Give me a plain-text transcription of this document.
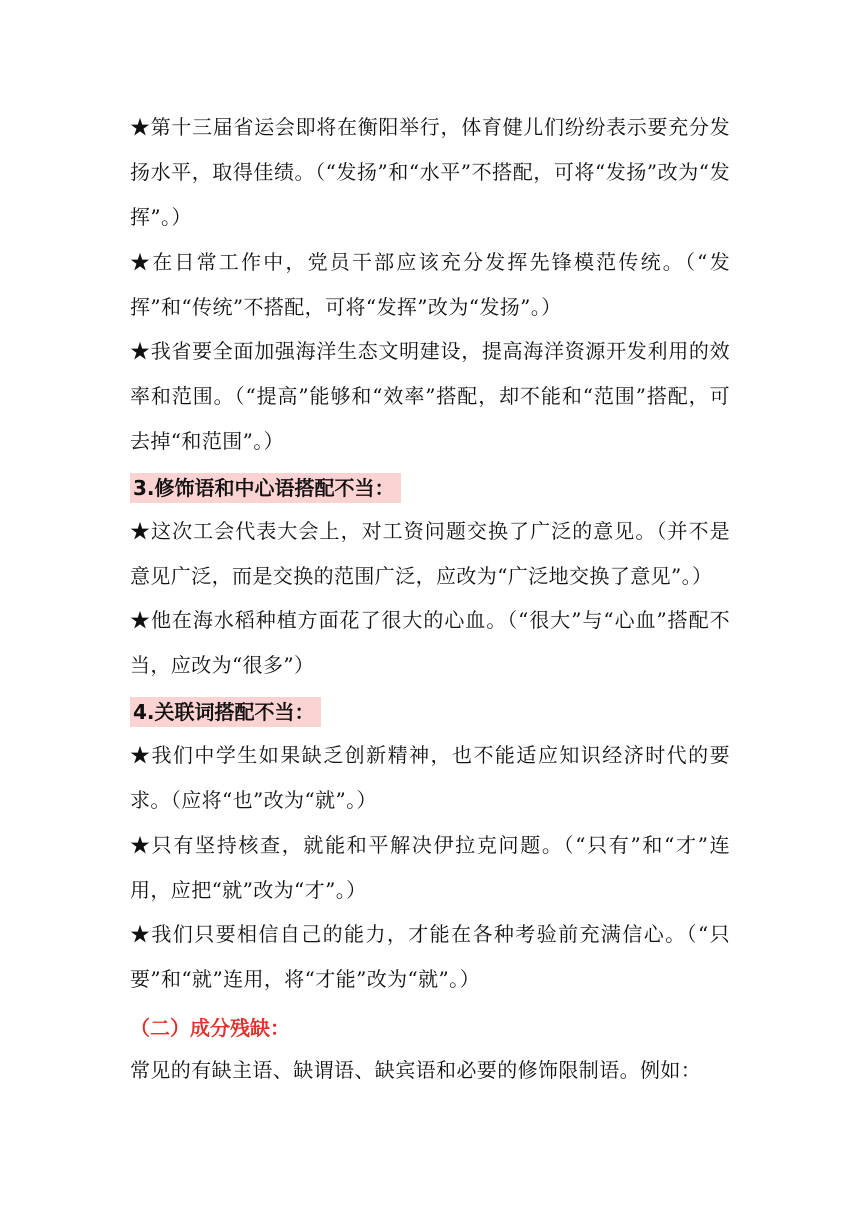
★第十三届省运会即将在衡阳举行，体育健儿们纷纷表示要充分发扬水平，取得佳绩。（“发扬”和“水平”不搭配，可将“发扬”改为“发挥”。）

★在日常工作中，党员干部应该充分发挥先锋模范传统。（“发挥”和“传统”不搭配，可将“发挥”改为“发扬”。）

★我省要全面加强海洋生态文明建设，提高海洋资源开发利用的效率和范围。（“提高”能够和“效率”搭配，却不能和“范围”搭配，可去掉“和范围”。）

3.修饰语和中心语搭配不当：

★这次工会代表大会上，对工资问题交换了广泛的意见。（并不是意见广泛，而是交换的范围广泛，应改为“广泛地交换了意见”。）

★他在海水稻种植方面花了很大的心血。（“很大”与“心血”搭配不当，应改为“很多”）

4.关联词搭配不当：

★我们中学生如果缺乏创新精神，也不能适应知识经济时代的要求。（应将“也”改为“就”。）

★只有坚持核查，就能和平解决伊拉克问题。（“只有”和“才”连用，应把“就”改为“才”。）

★我们只要相信自己的能力，才能在各种考验前充满信心。（“只要”和“就”连用，将“才能”改为“就”。）

（二）成分残缺：

常见的有缺主语、缺谓语、缺宾语和必要的修饰限制语。例如：
